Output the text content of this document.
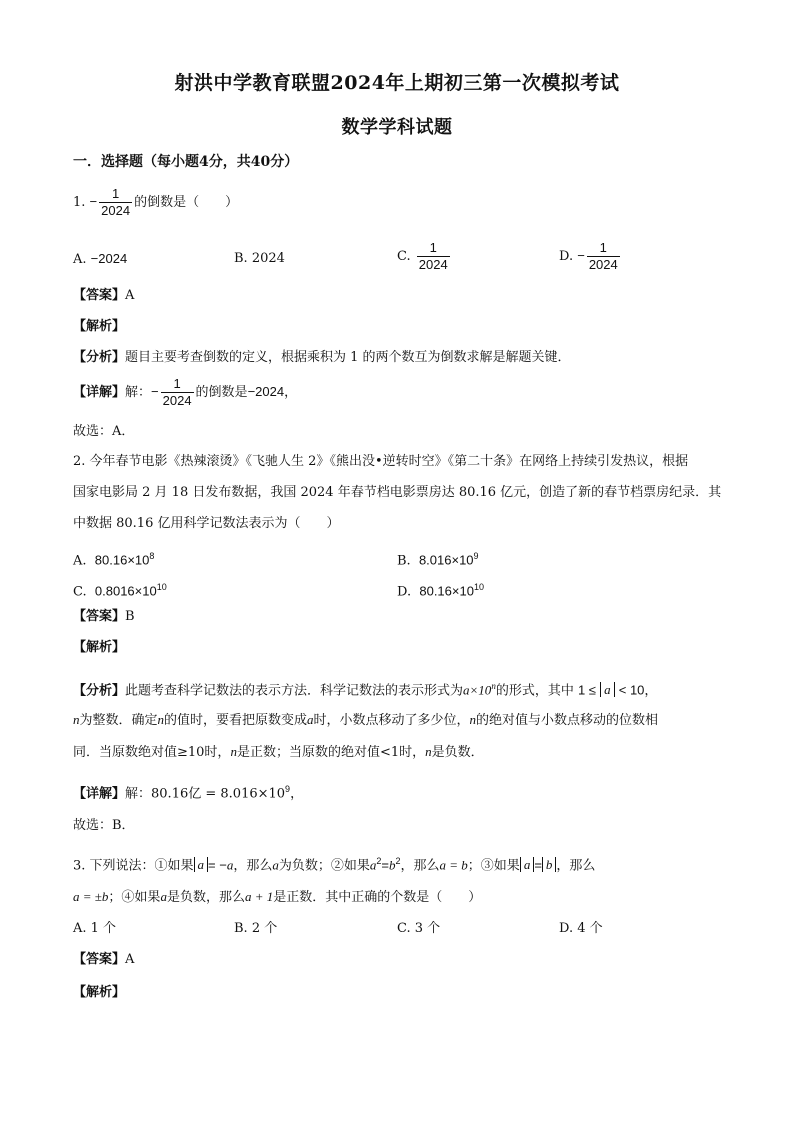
射洪中学教育联盟2024年上期初三第一次模拟考试
数学学科试题
一．选择题（每小题4分，共40分）
1. − $\frac{1}{2024}$ 的倒数是（　　）
A. −2024	B. 2024	C. $\frac{1}{2024}$	D. − $\frac{1}{2024}$
【答案】A
【解析】
【分析】题目主要考查倒数的定义，根据乘积为 1 的两个数互为倒数求解是解题关键．
【详解】解：− $\frac{1}{2024}$ 的倒数是−2024，
故选：A．
2. 今年春节电影《热辣滚烫》《飞驰人生 2》《熊出没•逆转时空》《第二十条》在网络上持续引发热议，根据
国家电影局 2 月 18 日发布数据，我国 2024 年春节档电影票房达 80.16 亿元，创造了新的春节档票房纪录．其
中数据 80.16 亿用科学记数法表示为（　　）
A. $80.16\times 10^8$	B. $8.016\times 10^9$
C. $0.8016\times 10^{10}$	D. $80.16\times 10^{10}$
【答案】B
【解析】
【分析】此题考查科学记数法的表示方法．科学记数法的表示形式为$a\times 10^n$的形式，其中 1 ≤ a < 10，
n为整数．确定n的值时，要看把原数变成a时，小数点移动了多少位，n的绝对值与小数点移动的位数相
同．当原数绝对值≥10时，n是正数；当原数的绝对值<1时，n是负数．
【详解】解：80.16亿 = $8.016\times 10^9$，
故选：B．
3. 下列说法：①如果 a = −a，那么a为负数；②如果$a^2=b^2$，那么a = b；③如果 a = b ，那么
a = ±b；④如果a是负数，那么a + 1是正数．其中正确的个数是（　　）
A. 1 个	B. 2 个	C. 3 个	D. 4 个
【答案】A
【解析】
